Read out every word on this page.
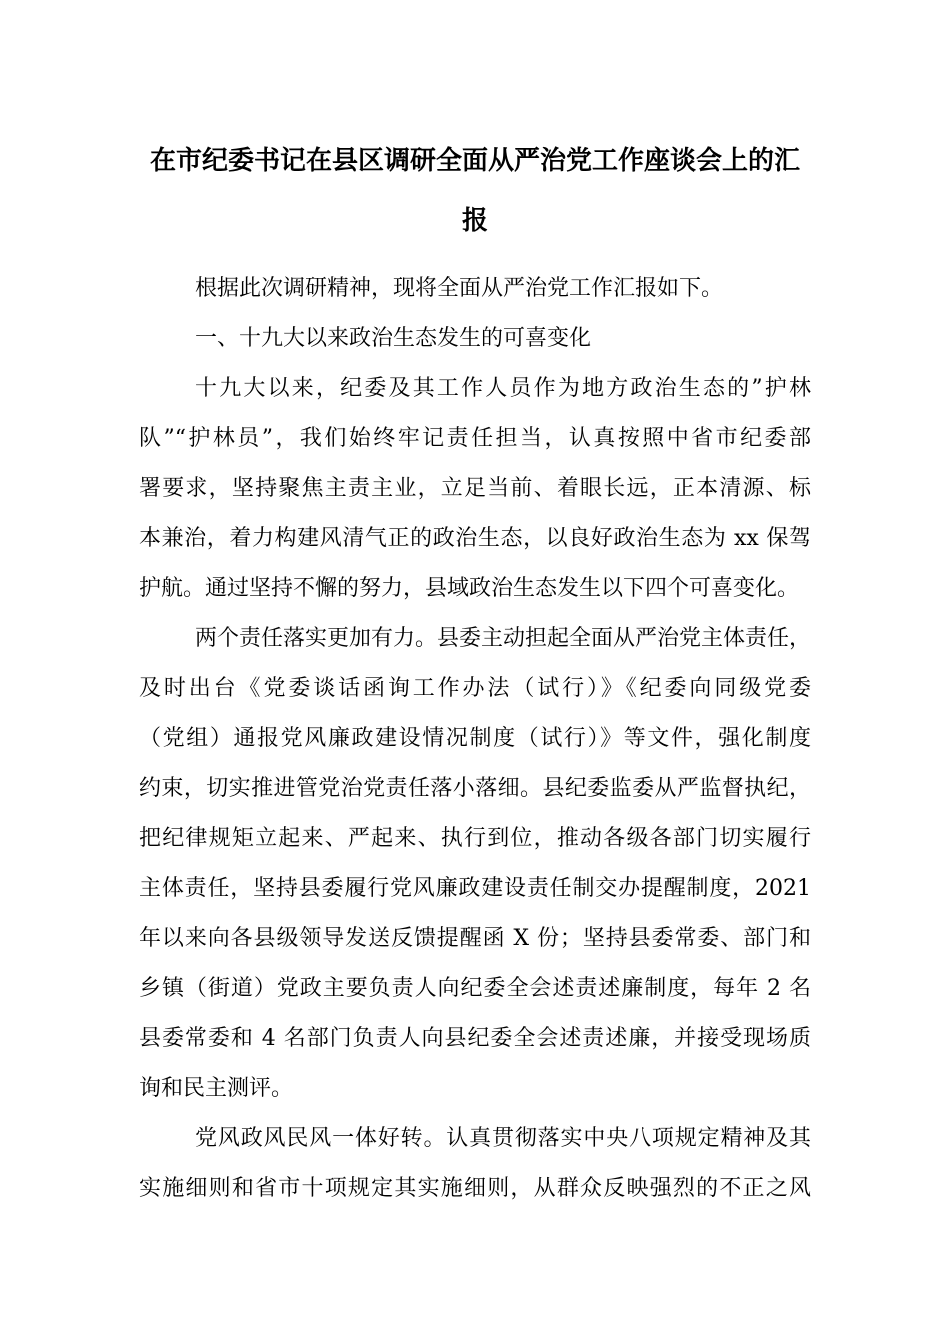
在市纪委书记在县区调研全面从严治党工作座谈会上的汇
报
根据此次调研精神，现将全面从严治党工作汇报如下。
一、十九大以来政治生态发生的可喜变化
十九大以来，纪委及其工作人员作为地方政治生态的”护林
队”“护林员”，我们始终牢记责任担当，认真按照中省市纪委部
署要求，坚持聚焦主责主业，立足当前、着眼长远，正本清源、标
本兼治，着力构建风清气正的政治生态，以良好政治生态为 xx 保驾
护航。通过坚持不懈的努力，县域政治生态发生以下四个可喜变化。
两个责任落实更加有力。县委主动担起全面从严治党主体责任，
及时出台《党委谈话函询工作办法（试行）》《纪委向同级党委
（党组）通报党风廉政建设情况制度（试行）》等文件，强化制度
约束，切实推进管党治党责任落小落细。县纪委监委从严监督执纪，
把纪律规矩立起来、严起来、执行到位，推动各级各部门切实履行
主体责任，坚持县委履行党风廉政建设责任制交办提醒制度，2021
年以来向各县级领导发送反馈提醒函 X 份；坚持县委常委、部门和
乡镇（街道）党政主要负责人向纪委全会述责述廉制度，每年 2 名
县委常委和 4 名部门负责人向县纪委全会述责述廉，并接受现场质
询和民主测评。
党风政风民风一体好转。认真贯彻落实中央八项规定精神及其
实施细则和省市十项规定其实施细则，从群众反映强烈的不正之风
